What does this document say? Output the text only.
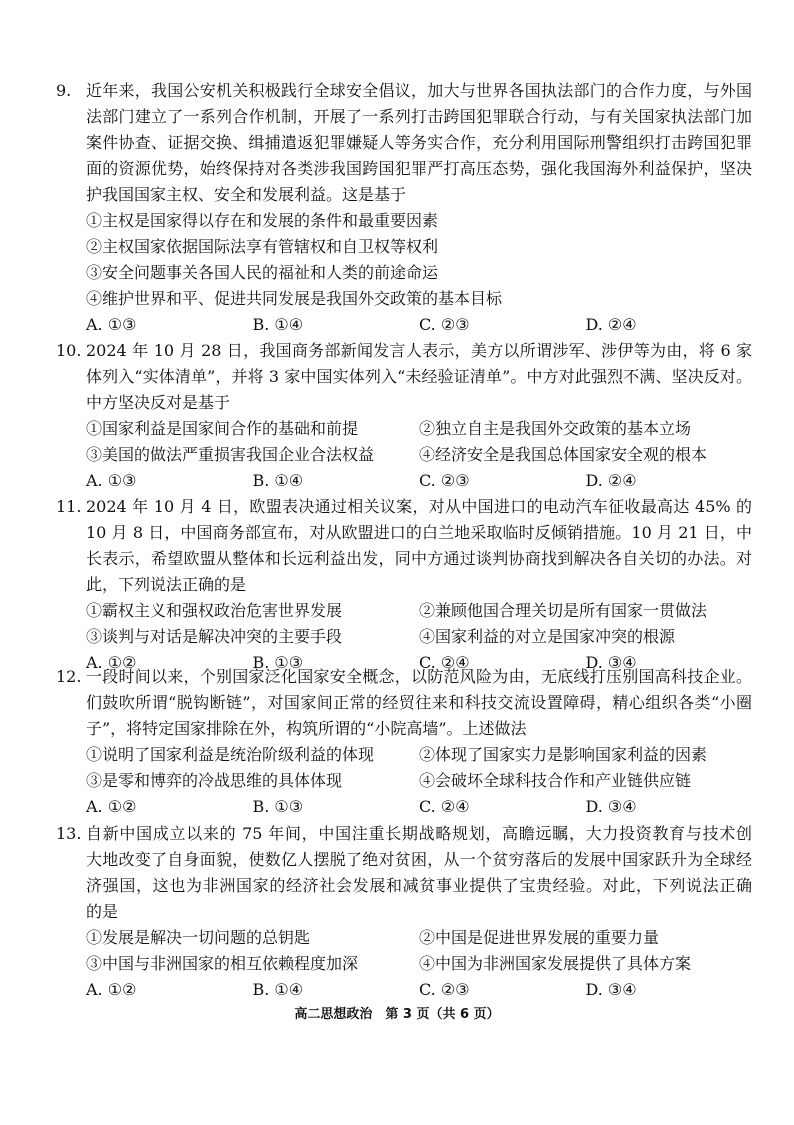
9. 近年来，我国公安机关积极践行全球安全倡议，加大与世界各国执法部门的合作力度，与外国
法部门建立了一系列合作机制，开展了一系列打击跨国犯罪联合行动，与有关国家执法部门加
案件协查、证据交换、缉捕遣返犯罪嫌疑人等务实合作，充分利用国际刑警组织打击跨国犯罪
面的资源优势，始终保持对各类涉我国跨国犯罪严打高压态势，强化我国海外利益保护，坚决
护我国国家主权、安全和发展利益。这是基于
①主权是国家得以存在和发展的条件和最重要因素
②主权国家依据国际法享有管辖权和自卫权等权利
③安全问题事关各国人民的福祉和人类的前途命运
④维护世界和平、促进共同发展是我国外交政策的基本目标
A. ①③	B. ①④	C. ②③	D. ②④
10. 2024 年 10 月 28 日，我国商务部新闻发言人表示，美方以所谓涉军、涉伊等为由，将 6 家
体列入“实体清单”，并将 3 家中国实体列入“未经验证清单”。中方对此强烈不满、坚决反对。
中方坚决反对是基于
①国家利益是国家间合作的基础和前提	②独立自主是我国外交政策的基本立场
③美国的做法严重损害我国企业合法权益	④经济安全是我国总体国家安全观的根本
A. ①③	B. ①④	C. ②③	D. ②④
11. 2024 年 10 月 4 日，欧盟表决通过相关议案，对从中国进口的电动汽车征收最高达 45% 的
10 月 8 日，中国商务部宣布，对从欧盟进口的白兰地采取临时反倾销措施。10 月 21 日，中
长表示，希望欧盟从整体和长远利益出发，同中方通过谈判协商找到解决各自关切的办法。对
此，下列说法正确的是
①霸权主义和强权政治危害世界发展	②兼顾他国合理关切是所有国家一贯做法
③谈判与对话是解决冲突的主要手段	④国家利益的对立是国家冲突的根源
A. ①②	B. ①③	C. ②④	D. ③④
12. 一段时间以来，个别国家泛化国家安全概念，以防范风险为由，无底线打压别国高科技企业。
们鼓吹所谓“脱钩断链”，对国家间正常的经贸往来和科技交流设置障碍，精心组织各类“小圈
子”，将特定国家排除在外，构筑所谓的“小院高墙”。上述做法
①说明了国家利益是统治阶级利益的体现	②体现了国家实力是影响国家利益的因素
③是零和博弈的冷战思维的具体体现	④会破坏全球科技合作和产业链供应链
A. ①②	B. ①③	C. ②④	D. ③④
13. 自新中国成立以来的 75 年间，中国注重长期战略规划，高瞻远瞩，大力投资教育与技术创
大地改变了自身面貌，使数亿人摆脱了绝对贫困，从一个贫穷落后的发展中国家跃升为全球经
济强国，这也为非洲国家的经济社会发展和减贫事业提供了宝贵经验。对此，下列说法正确
的是
①发展是解决一切问题的总钥匙	②中国是促进世界发展的重要力量
③中国与非洲国家的相互依赖程度加深	④中国为非洲国家发展提供了具体方案
A. ①②	B. ①④	C. ②③	D. ③④
高二思想政治　第 3 页（共 6 页）
